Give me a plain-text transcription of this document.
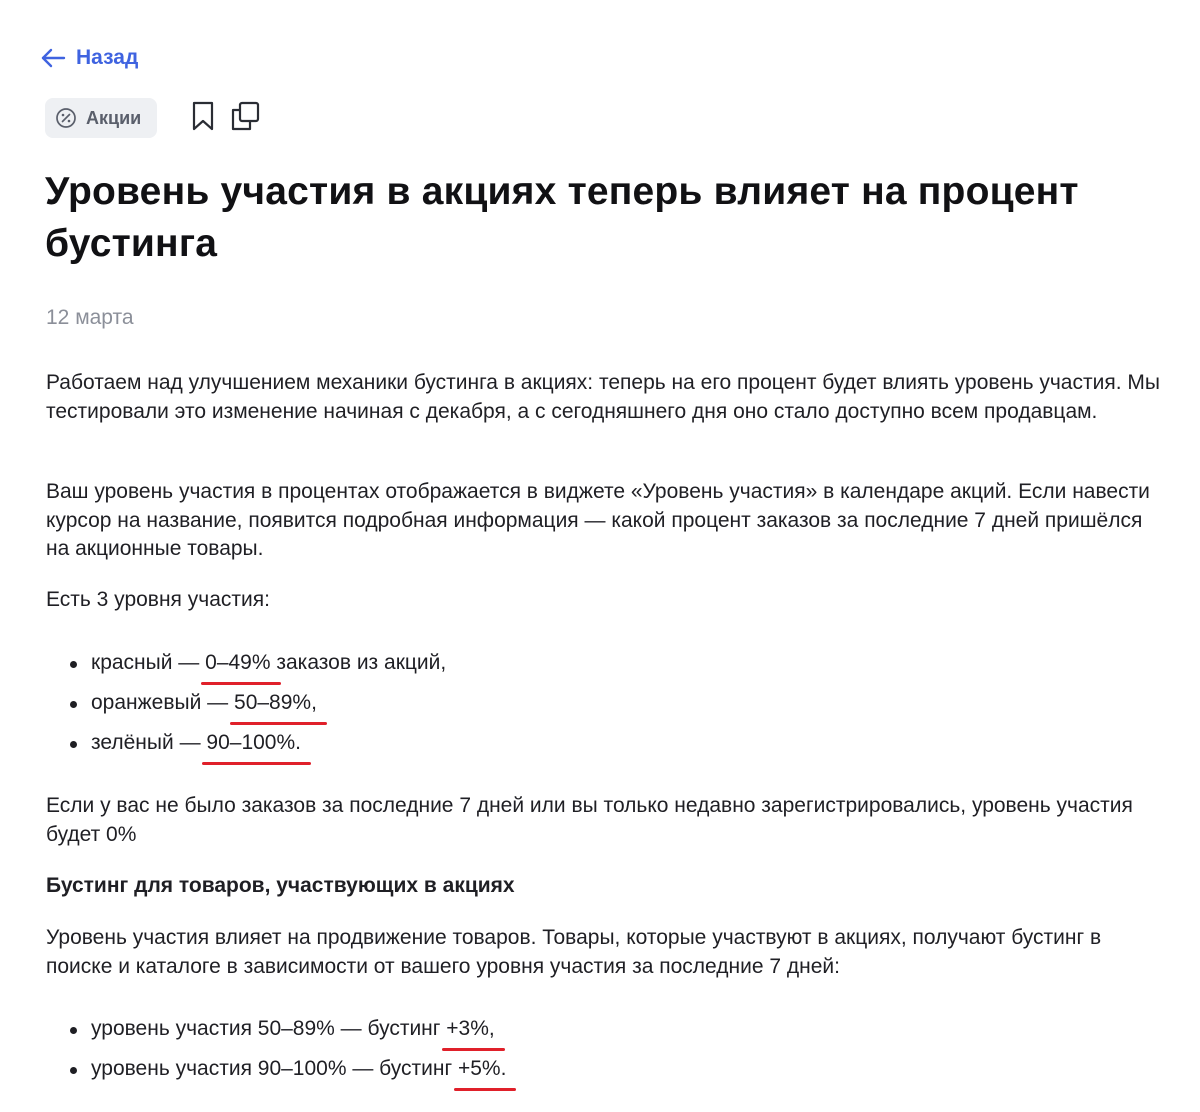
Назад
Акции
Уровень участия в акциях теперь влияет на процент бустинга
12 марта

Работаем над улучшением механики бустинга в акциях: теперь на его процент будет влиять уровень участия. Мы тестировали это изменение начиная с декабря, а с сегодняшнего дня оно стало доступно всем продавцам.

Ваш уровень участия в процентах отображается в виджете «Уровень участия» в календаре акций. Если навести курсор на название, появится подробная информация — какой процент заказов за последние 7 дней пришёлся на акционные товары.

Есть 3 уровня участия:

красный — 0–49% заказов из акций,
оранжевый — 50–89%,
зелёный — 90–100%.

Если у вас не было заказов за последние 7 дней или вы только недавно зарегистрировались, уровень участия будет 0%

Бустинг для товаров, участвующих в акциях

Уровень участия влияет на продвижение товаров. Товары, которые участвуют в акциях, получают бустинг в поиске и каталоге в зависимости от вашего уровня участия за последние 7 дней:

уровень участия 50–89% — бустинг +3%,
уровень участия 90–100% — бустинг +5%.
